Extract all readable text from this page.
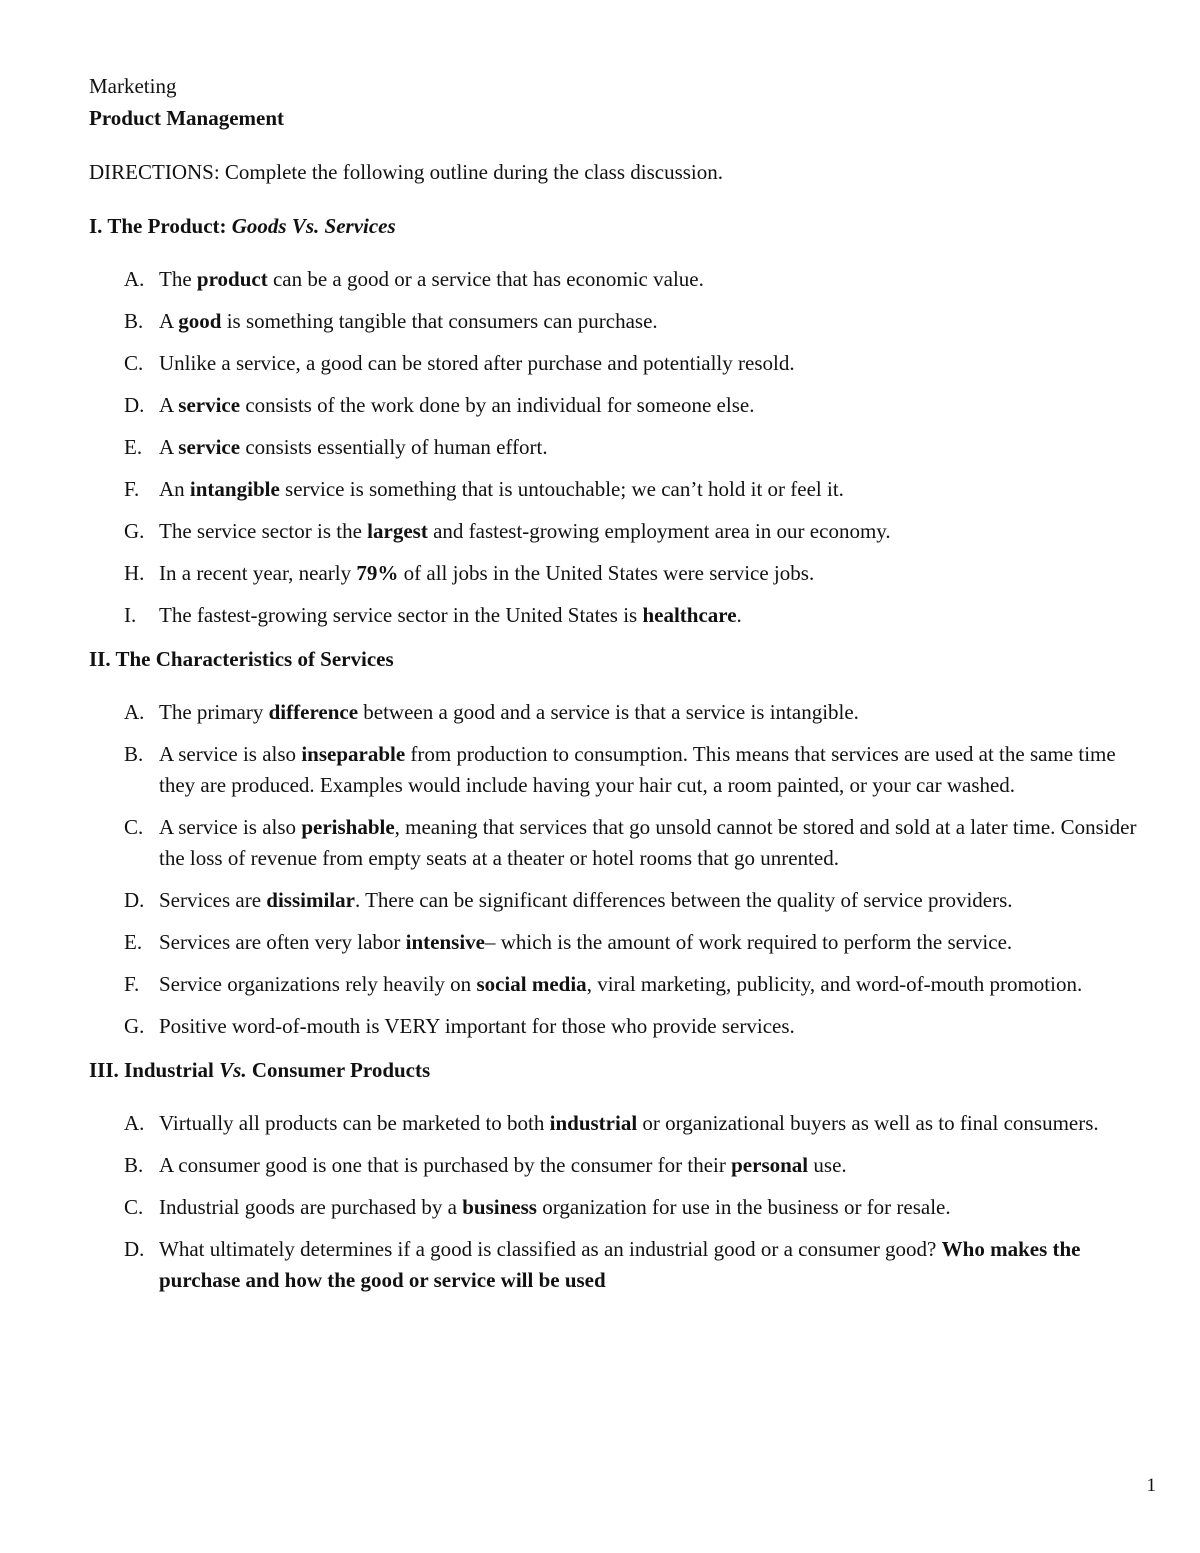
Marketing

Product Management

DIRECTIONS: Complete the following outline during the class discussion.

I. The Product: Goods Vs. Services

A. The product can be a good or a service that has economic value.
B. A good is something tangible that consumers can purchase.
C. Unlike a service, a good can be stored after purchase and potentially resold.
D. A service consists of the work done by an individual for someone else.
E. A service consists essentially of human effort.
F. An intangible service is something that is untouchable; we can’t hold it or feel it.
G. The service sector is the largest and fastest-growing employment area in our economy.
H. In a recent year, nearly 79% of all jobs in the United States were service jobs.
I. The fastest-growing service sector in the United States is healthcare.

II. The Characteristics of Services

A. The primary difference between a good and a service is that a service is intangible.
B. A service is also inseparable from production to consumption. This means that services are used at the same time they are produced. Examples would include having your hair cut, a room painted, or your car washed.
C. A service is also perishable, meaning that services that go unsold cannot be stored and sold at a later time. Consider the loss of revenue from empty seats at a theater or hotel rooms that go unrented.
D. Services are dissimilar. There can be significant differences between the quality of service providers.
E. Services are often very labor intensive– which is the amount of work required to perform the service.
F. Service organizations rely heavily on social media, viral marketing, publicity, and word-of-mouth promotion.
G. Positive word-of-mouth is VERY important for those who provide services.

III. Industrial Vs. Consumer Products

A. Virtually all products can be marketed to both industrial or organizational buyers as well as to final consumers.
B. A consumer good is one that is purchased by the consumer for their personal use.
C. Industrial goods are purchased by a business organization for use in the business or for resale.
D. What ultimately determines if a good is classified as an industrial good or a consumer good? Who makes the purchase and how the good or service will be used
1
